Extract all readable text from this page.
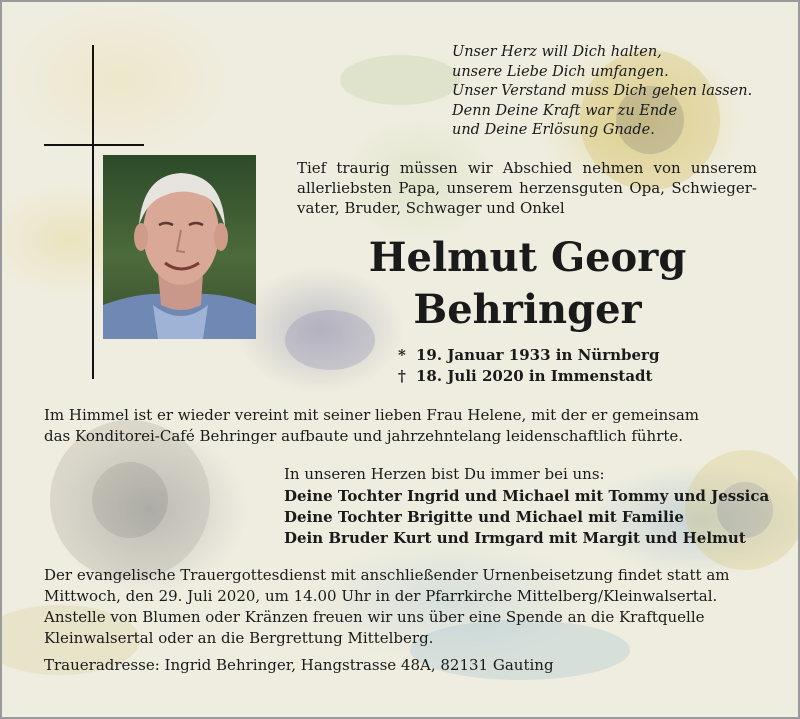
Unser Herz will Dich halten,
unsere Liebe Dich umfangen.
Unser Verstand muss Dich gehen lassen.
Denn Deine Kraft war zu Ende
und Deine Erlösung Gnade.
Tief traurig müssen wir Abschied nehmen von unserem allerliebsten Papa, unserem herzensguten Opa, Schwieger-vater, Bruder, Schwager und Onkel
Helmut Georg
Behringer
* 19. Januar 1933 in Nürnberg
† 18. Juli 2020 in Immenstadt
Im Himmel ist er wieder vereint mit seiner lieben Frau Helene, mit der er gemeinsam
das Konditorei-Café Behringer aufbaute und jahrzehntelang leidenschaftlich führte.
In unseren Herzen bist Du immer bei uns:
Deine Tochter Ingrid und Michael mit Tommy und Jessica
Deine Tochter Brigitte und Michael mit Familie
Dein Bruder Kurt und Irmgard mit Margit und Helmut
Der evangelische Trauergottesdienst mit anschließender Urnenbeisetzung findet statt am
Mittwoch, den 29. Juli 2020, um 14.00 Uhr in der Pfarrkirche Mittelberg/Kleinwalsertal.
Anstelle von Blumen oder Kränzen freuen wir uns über eine Spende an die Kraftquelle
Kleinwalsertal oder an die Bergrettung Mittelberg.
Traueradresse: Ingrid Behringer, Hangstrasse 48A, 82131 Gauting
